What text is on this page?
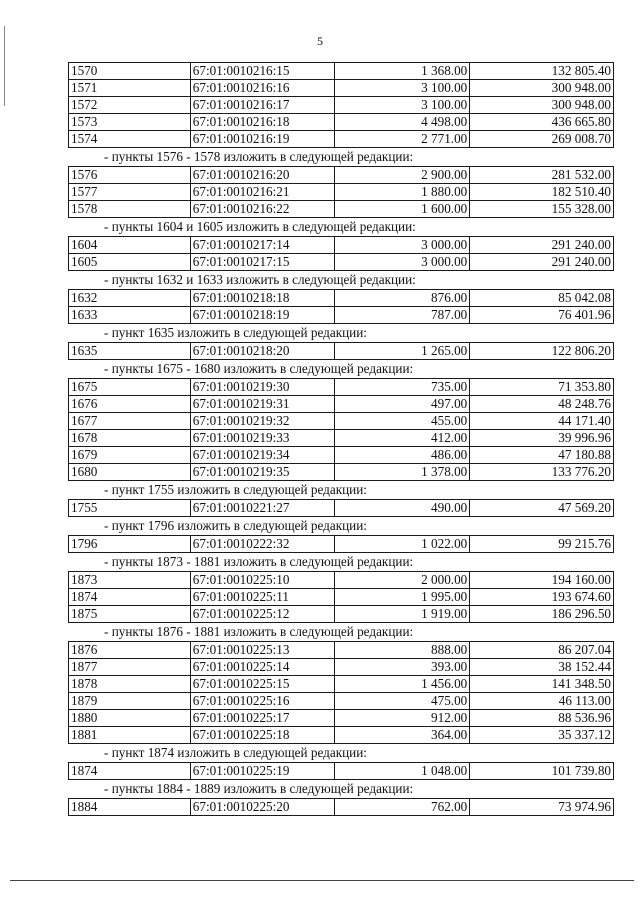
5
1570	67:01:0010216:15	1 368.00	132 805.40
1571	67:01:0010216:16	3 100.00	300 948.00
1572	67:01:0010216:17	3 100.00	300 948.00
1573	67:01:0010216:18	4 498.00	436 665.80
1574	67:01:0010216:19	2 771.00	269 008.70
- пункты 1576 - 1578 изложить в следующей редакции:
1576	67:01:0010216:20	2 900.00	281 532.00
1577	67:01:0010216:21	1 880.00	182 510.40
1578	67:01:0010216:22	1 600.00	155 328.00
- пункты 1604 и 1605 изложить в следующей редакции:
1604	67:01:0010217:14	3 000.00	291 240.00
1605	67:01:0010217:15	3 000.00	291 240.00
- пункты 1632 и 1633 изложить в следующей редакции:
1632	67:01:0010218:18	876.00	85 042.08
1633	67:01:0010218:19	787.00	76 401.96
- пункт 1635 изложить в следующей редакции:
1635	67:01:0010218:20	1 265.00	122 806.20
- пункты 1675 - 1680 изложить в следующей редакции:
1675	67:01:0010219:30	735.00	71 353.80
1676	67:01:0010219:31	497.00	48 248.76
1677	67:01:0010219:32	455.00	44 171.40
1678	67:01:0010219:33	412.00	39 996.96
1679	67:01:0010219:34	486.00	47 180.88
1680	67:01:0010219:35	1 378.00	133 776.20
- пункт 1755 изложить в следующей редакции:
1755	67:01:0010221:27	490.00	47 569.20
- пункт 1796 изложить в следующей редакции:
1796	67:01:0010222:32	1 022.00	99 215.76
- пункты 1873 - 1881 изложить в следующей редакции:
1873	67:01:0010225:10	2 000.00	194 160.00
1874	67:01:0010225:11	1 995.00	193 674.60
1875	67:01:0010225:12	1 919.00	186 296.50
- пункты 1876 - 1881 изложить в следующей редакции:
1876	67:01:0010225:13	888.00	86 207.04
1877	67:01:0010225:14	393.00	38 152.44
1878	67:01:0010225:15	1 456.00	141 348.50
1879	67:01:0010225:16	475.00	46 113.00
1880	67:01:0010225:17	912.00	88 536.96
1881	67:01:0010225:18	364.00	35 337.12
- пункт 1874 изложить в следующей редакции:
1874	67:01:0010225:19	1 048.00	101 739.80
- пункты 1884 - 1889 изложить в следующей редакции:
1884	67:01:0010225:20	762.00	73 974.96
